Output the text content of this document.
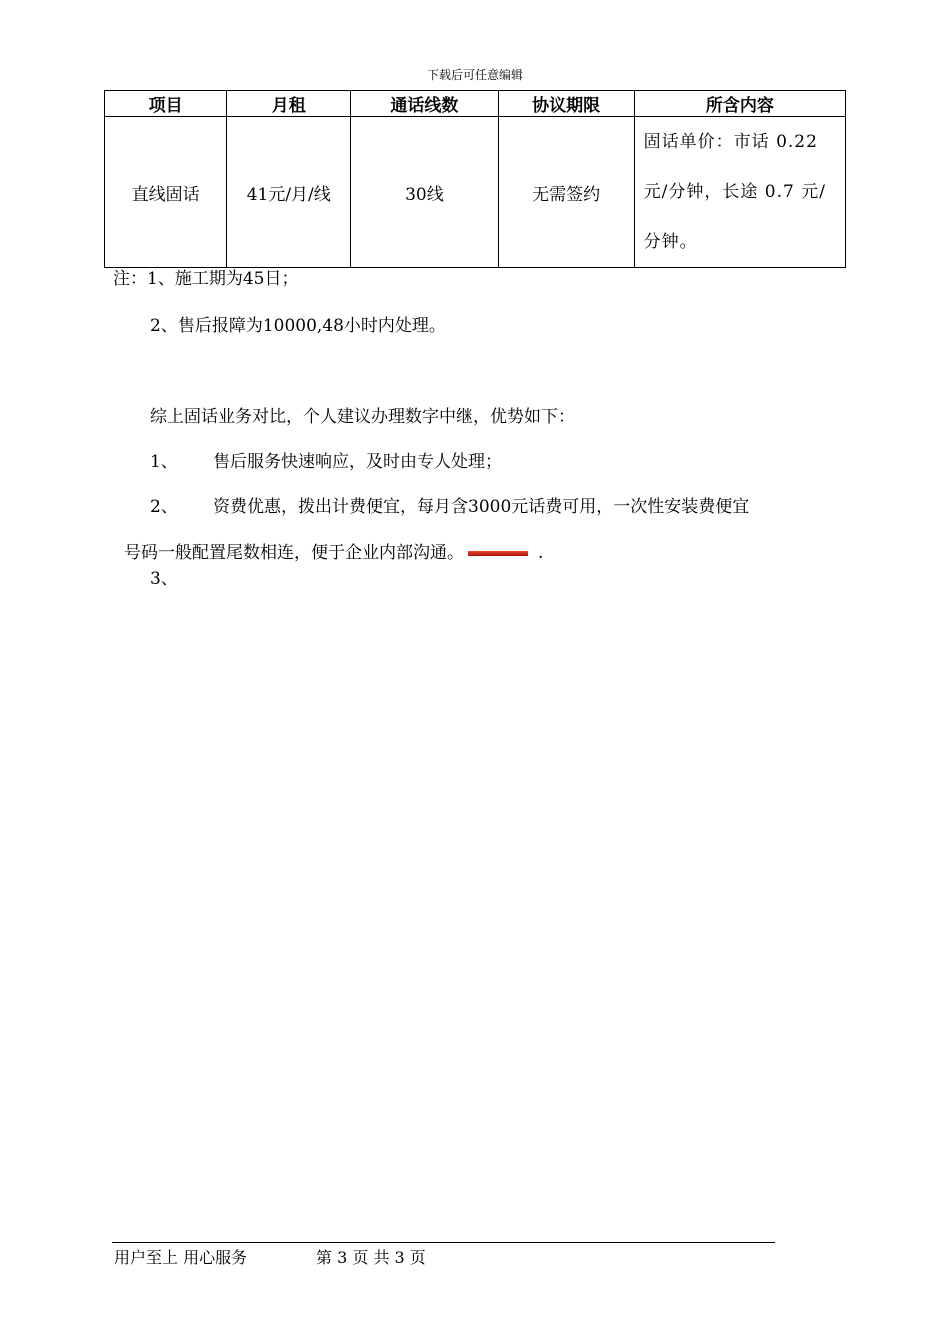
下载后可任意编辑
项目	月租	通话线数	协议期限	所含内容
直线固话	41元/月/线	30线	无需签约	固话单价：市话 0.22
元/分钟，长途 0.7 元/
分钟。
注：1、施工期为45日；
2、售后报障为10000,48小时内处理。
综上固话业务对比，个人建议办理数字中继，优势如下：
1、 售后服务快速响应，及时由专人处理；
2、 资费优惠，拨出计费便宜，每月含3000元话费可用，一次性安装费便宜
号码一般配置尾数相连，便于企业内部沟通。	.
3、
用户至上 用心服务	第 3 页 共 3 页
